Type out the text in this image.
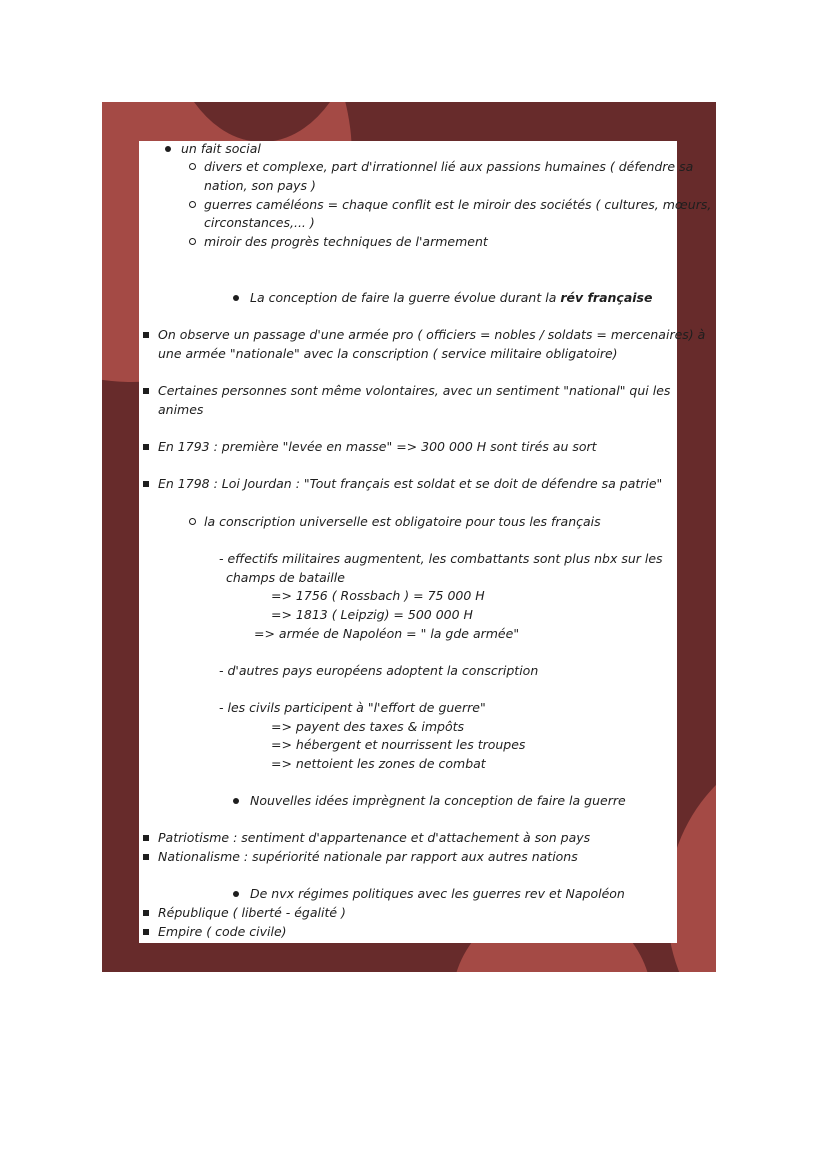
un fait social
divers et complexe, part d'irrationnel lié aux passions humaines ( défendre sa
nation, son pays )
guerres caméléons = chaque conflit est le miroir des sociétés ( cultures, mœurs,
circonstances,... )
miroir des progrès techniques de l'armement
La conception de faire la guerre évolue durant la rév française
On observe un passage d'une armée pro ( officiers = nobles / soldats = mercenaires) à
une armée "nationale" avec la conscription ( service militaire obligatoire)
Certaines personnes sont même volontaires, avec un sentiment "national" qui les
animes
En 1793 : première "levée en masse" => 300 000 H sont tirés au sort
En 1798 : Loi Jourdan : "Tout français est soldat et se doit de défendre sa patrie"
la conscription universelle est obligatoire pour tous les français
- effectifs militaires augmentent, les combattants sont plus nbx sur les
champs de bataille
=> 1756 ( Rossbach ) = 75 000 H
=> 1813 ( Leipzig) = 500 000 H
=> armée de Napoléon = " la gde armée"
- d'autres pays européens adoptent la conscription
- les civils participent à "l'effort de guerre"
=> payent des taxes & impôts
=> hébergent et nourrissent les troupes
=> nettoient les zones de combat
Nouvelles idées imprègnent la conception de faire la guerre
Patriotisme : sentiment d'appartenance et d'attachement à son pays
Nationalisme : supériorité nationale par rapport aux autres nations
De nvx régimes politiques avec les guerres rev et Napoléon
République ( liberté - égalité )
Empire ( code civile)
